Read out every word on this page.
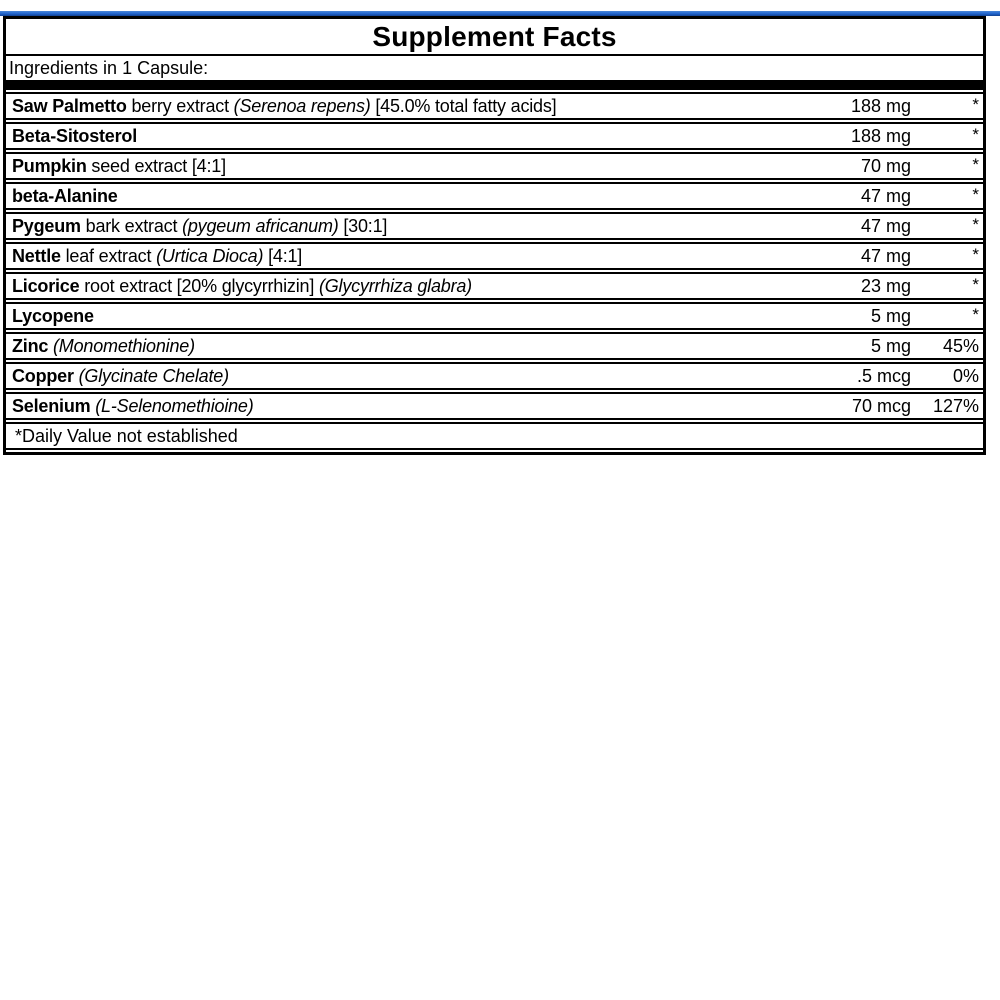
Supplement Facts
Ingredients in 1 Capsule:
Saw Palmetto berry extract (Serenoa repens) [45.0% total fatty acids]	188 mg	*
Beta-Sitosterol	188 mg	*
Pumpkin seed extract [4:1]	70 mg	*
beta-Alanine	47 mg	*
Pygeum bark extract (pygeum africanum) [30:1]	47 mg	*
Nettle leaf extract (Urtica Dioca) [4:1]	47 mg	*
Licorice root extract [20% glycyrrhizin] (Glycyrrhiza glabra)	23 mg	*
Lycopene	5 mg	*
Zinc (Monomethionine)	5 mg	45%
Copper (Glycinate Chelate)	.5 mcg	0%
Selenium (L-Selenomethioine)	70 mcg	127%
*Daily Value not established
